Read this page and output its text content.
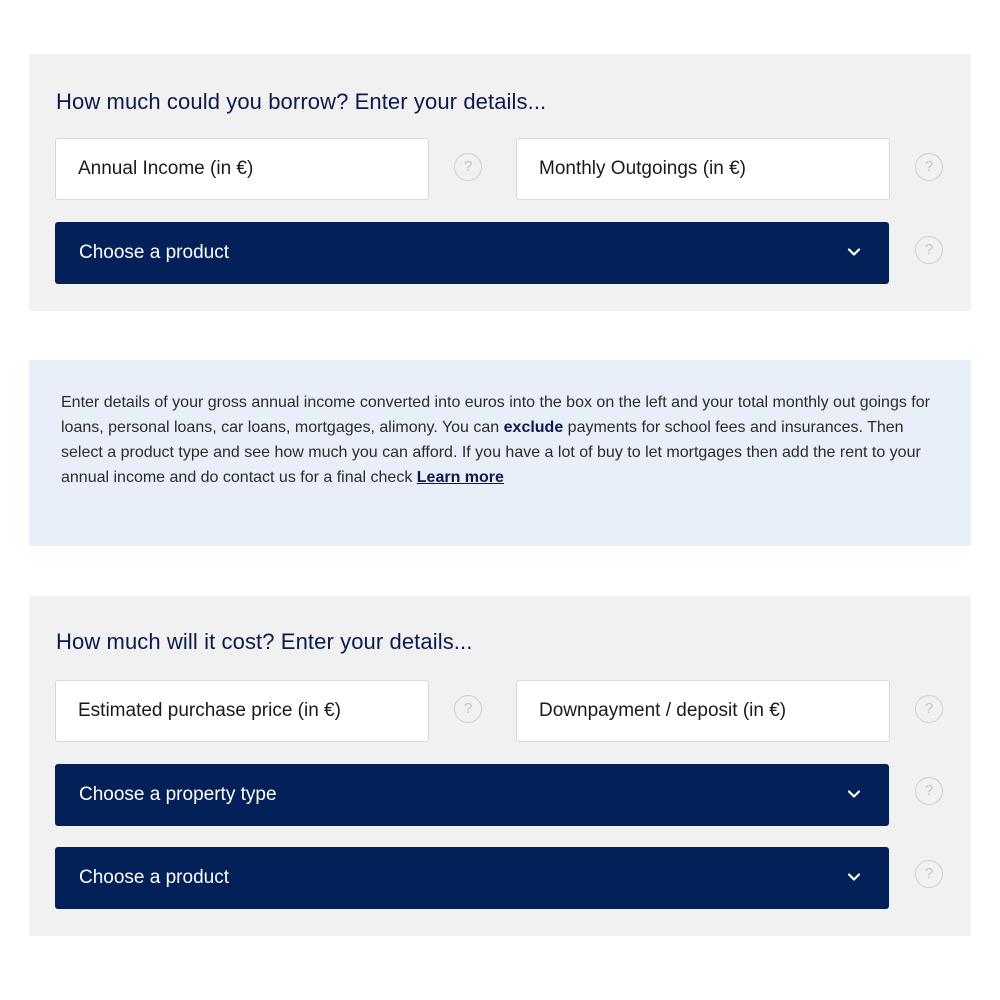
How much could you borrow? Enter your details...
Annual Income (in €)
?
Monthly Outgoings (in €)	?
Choose a product	?

Enter details of your gross annual income converted into euros into the box on the left and your total monthly out goings for loans, personal loans, car loans, mortgages, alimony. You can exclude payments for school fees and insurances. Then select a product type and see how much you can afford. If you have a lot of buy to let mortgages then add the rent to your annual income and do contact us for a final check Learn more

How much will it cost? Enter your details...
Estimated purchase price (in €)
?
Downpayment / deposit (in €)	?
Choose a property type	?
Choose a product	?
